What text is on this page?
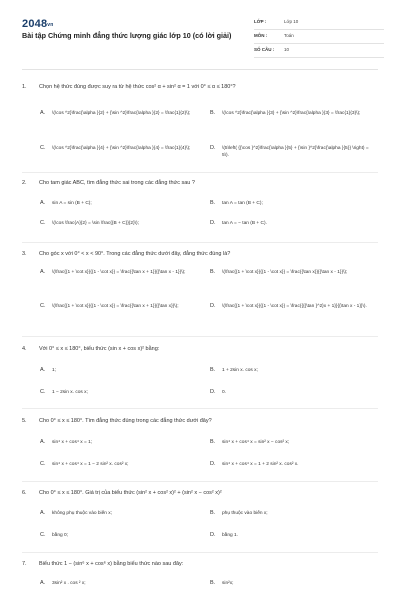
2048vn
Bài tập Chứng minh đẳng thức lượng giác lớp 10 (có lời giải)
LỚP :	Lớp 10
MÔN :	Toán
SỐ CÂU : 10
1. Chọn hệ thức đúng được suy ra từ hệ thức cos² α + sin² α = 1 với 0° ≤ α ≤ 180°?
A. \(\cos ^2}\frac{\alpha }{2} + {\sin ^2}\frac{\alpha }{2} = \frac{1}{2}\);	B. \(\cos ^2}\frac{\alpha }{3} + {\sin ^2}\frac{\alpha }{3} = \frac{1}{3}\);
C. \(\cos ^2}\frac{\alpha }{4} + {\sin ^2}\frac{\alpha }{4} = \frac{1}{4}\);	D. \(5\left( {{\cos }^2}\frac{\alpha }{5} + {\sin }^2}\frac{\alpha }{5}} \right) = 5\).
2. Cho tam giác ABC, tìm đẳng thức sai trong các đẳng thức sau ?
A. sin A = sin (B + C);	B. tan A = tan (B + C);
C. \(\cos \frac{A}{2} = \sin \frac{{B + C}}{2}\);	D. tan A = − tan (B + C).
3. Cho góc x với 0° < x < 90°. Trong các đẳng thức dưới đây, đẳng thức đúng là?
A. \(\frac{{1 + \cot x}}{{1 - \cot x}} = \frac{{\tan x + 1}}{{\tan x - 1}}\);	B. \(\frac{{1 + \cot x}}{{1 - \cot x}} = \frac{{\tan x}}{{\tan x - 1}}\);
C. \(\frac{{1 + \cot x}}{{1 - \cot x}} = \frac{{\tan x + 1}}{{\tan x}}\);	D. \(\frac{{1 + \cot x}}{{1 - \cot x}} = \frac{{{{\tan }^2}x + 1}}{{\tan x - 1}}\).
4. Với 0° ≤ x ≤ 180°, biểu thức (sin x + cos x)² bằng:
A. 1;	B. 1 + 2sin x. cos x;
C. 1 − 2sin x. cos x;	D. 0.
5. Cho 0° ≤ x ≤ 180°. Tìm đẳng thức đúng trong các đẳng thức dưới đây?
A. sin⁴ x + cos⁴ x = 1;	B. sin⁴ x + cos⁴ x = sin² x − cos² x;
C. sin⁴ x + cos⁴ x = 1 − 2 sin² x. cos² x;	D. sin⁴ x + cos⁴ x = 1 + 2 sin² x. cos² x.
6. Cho 0° ≤ x ≤ 180°. Giá trị của biểu thức (sin² x + cos² x)² + (sin² x − cos² x)²
A. không phụ thuộc vào biến x;	B. phụ thuộc vào biến x;
C. bằng 0;	D. bằng 1.
7. Biểu thức 1 − (sin⁶ x + cos⁶ x) bằng biểu thức nào sau đây:
A. 3sin² x . cos ² x;	B. sin²x;
